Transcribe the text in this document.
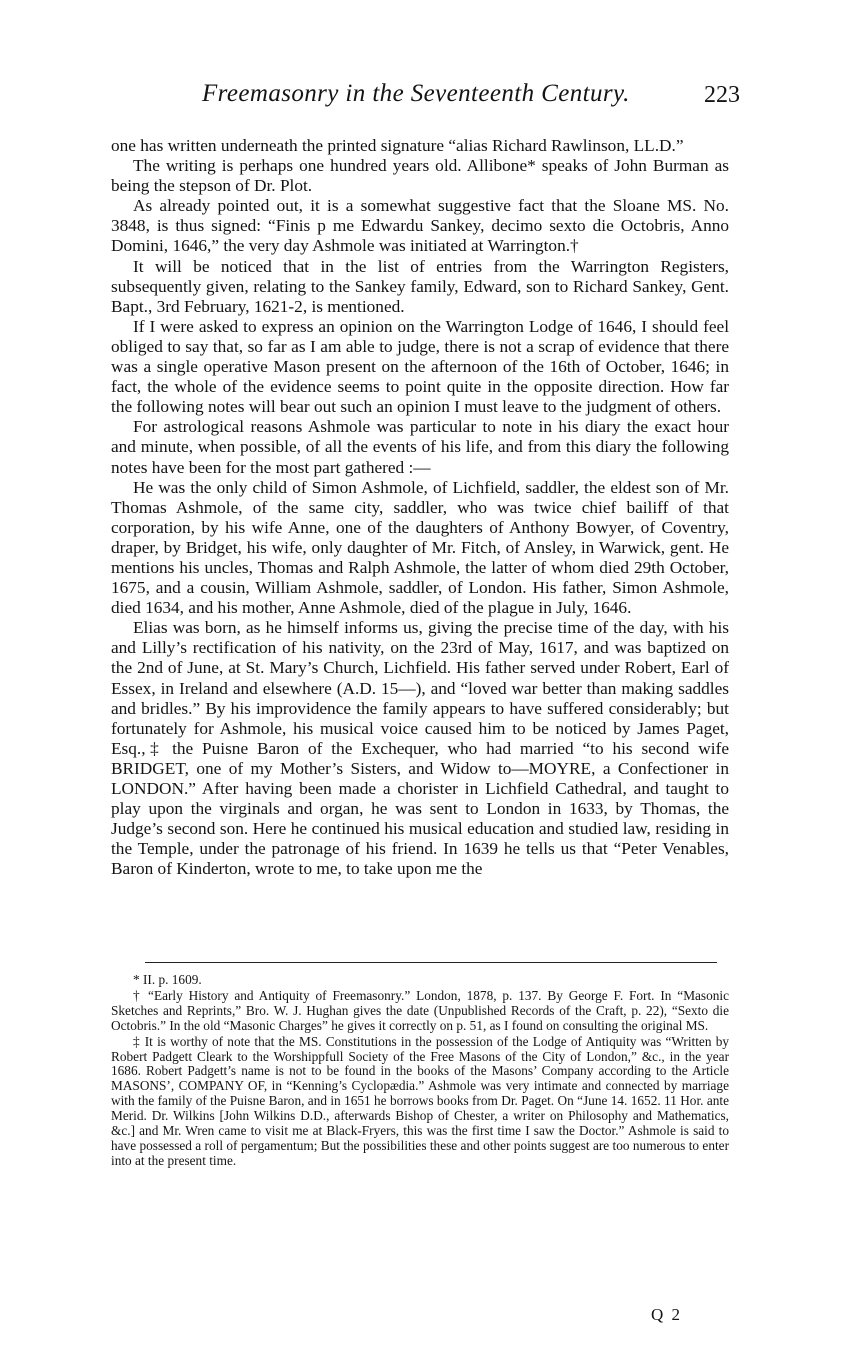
Freemasonry in the Seventeenth Century.	223

one has written underneath the printed signature “alias Richard Rawlinson, LL.D.”

The writing is perhaps one hundred years old. Allibone* speaks of John Burman as being the stepson of Dr. Plot.

As already pointed out, it is a somewhat suggestive fact that the Sloane MS. No. 3848, is thus signed: “Finis p me Edwardu Sankey, decimo sexto die Octobris, Anno Domini, 1646,” the very day Ashmole was initiated at Warrington.†

It will be noticed that in the list of entries from the Warrington Registers, subsequently given, relating to the Sankey family, Edward, son to Richard Sankey, Gent. Bapt., 3rd February, 1621-2, is mentioned.

If I were asked to express an opinion on the Warrington Lodge of 1646, I should feel obliged to say that, so far as I am able to judge, there is not a scrap of evidence that there was a single operative Mason present on the afternoon of the 16th of October, 1646; in fact, the whole of the evidence seems to point quite in the opposite direction. How far the following notes will bear out such an opinion I must leave to the judgment of others.

For astrological reasons Ashmole was particular to note in his diary the exact hour and minute, when possible, of all the events of his life, and from this diary the following notes have been for the most part gathered :—

He was the only child of Simon Ashmole, of Lichfield, saddler, the eldest son of Mr. Thomas Ashmole, of the same city, saddler, who was twice chief bailiff of that corporation, by his wife Anne, one of the daughters of Anthony Bowyer, of Coventry, draper, by Bridget, his wife, only daughter of Mr. Fitch, of Ansley, in Warwick, gent. He mentions his uncles, Thomas and Ralph Ashmole, the latter of whom died 29th October, 1675, and a cousin, William Ashmole, saddler, of London. His father, Simon Ashmole, died 1634, and his mother, Anne Ashmole, died of the plague in July, 1646.

Elias was born, as he himself informs us, giving the precise time of the day, with his and Lilly’s rectification of his nativity, on the 23rd of May, 1617, and was baptized on the 2nd of June, at St. Mary’s Church, Lichfield. His father served under Robert, Earl of Essex, in Ireland and elsewhere (A.D. 15—), and “loved war better than making saddles and bridles.” By his improvidence the family appears to have suffered considerably; but fortunately for Ashmole, his musical voice caused him to be noticed by James Paget, Esq.,‡ the Puisne Baron of the Exchequer, who had married “to his second wife BRIDGET, one of my Mother’s Sisters, and Widow to—MOYRE, a Confectioner in LONDON.” After having been made a chorister in Lichfield Cathedral, and taught to play upon the virginals and organ, he was sent to London in 1633, by Thomas, the Judge’s second son. Here he continued his musical education and studied law, residing in the Temple, under the patronage of his friend. In 1639 he tells us that “Peter Venables, Baron of Kinderton, wrote to me, to take upon me the

* II. p. 1609.

† “Early History and Antiquity of Freemasonry.” London, 1878, p. 137. By George F. Fort. In “Masonic Sketches and Reprints,” Bro. W. J. Hughan gives the date (Unpublished Records of the Craft, p. 22), “Sexto die Octobris.” In the old “Masonic Charges” he gives it correctly on p. 51, as I found on consulting the original MS.

‡ It is worthy of note that the MS. Constitutions in the possession of the Lodge of Antiquity was “Written by Robert Padgett Cleark to the Worshippfull Society of the Free Masons of the City of London,” &c., in the year 1686. Robert Padgett’s name is not to be found in the books of the Masons’ Company according to the Article MASONS’, COMPANY OF, in “Kenning’s Cyclopædia.” Ashmole was very intimate and connected by marriage with the family of the Puisne Baron, and in 1651 he borrows books from Dr. Paget. On “June 14. 1652. 11 Hor. ante Merid. Dr. Wilkins [John Wilkins D.D., afterwards Bishop of Chester, a writer on Philosophy and Mathematics, &c.] and Mr. Wren came to visit me at Black-Fryers, this was the first time I saw the Doctor.” Ashmole is said to have possessed a roll of pergamentum; But the possibilities these and other points suggest are too numerous to enter into at the present time.

Q 2
